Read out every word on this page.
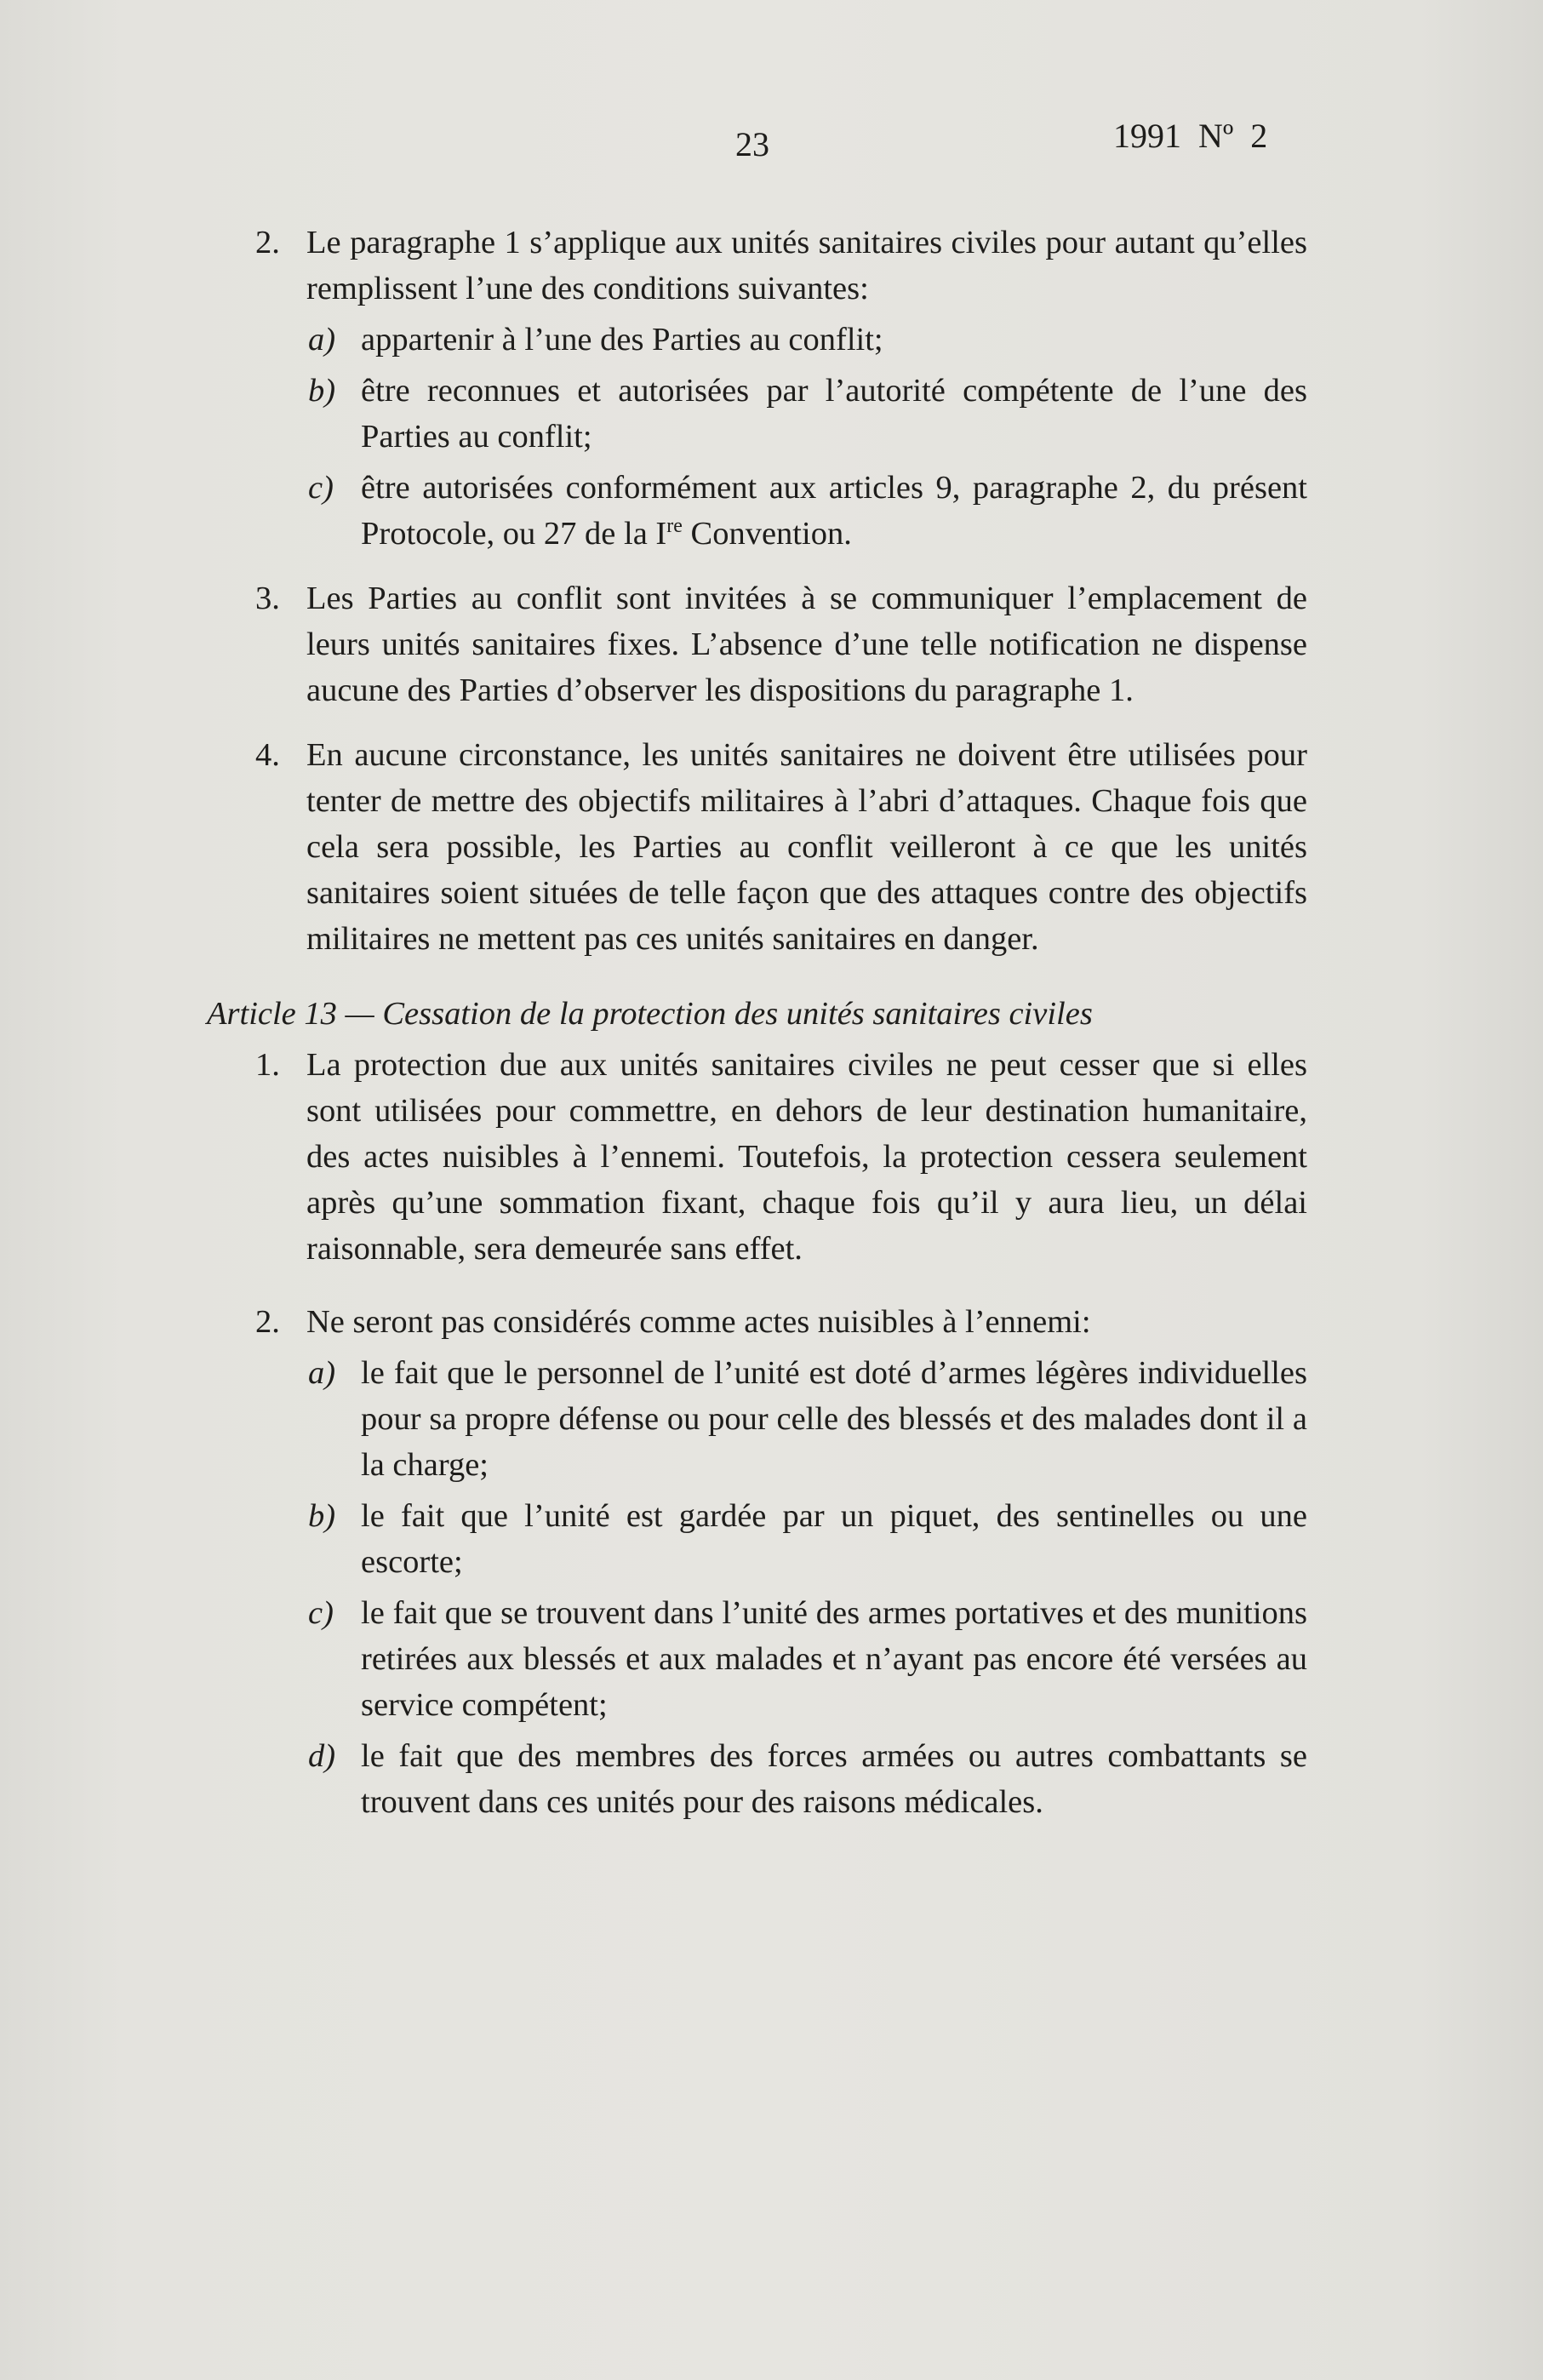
23	1991 Nº 2
2. Le paragraphe 1 s’applique aux unités sanitaires civiles pour autant qu’elles remplissent l’une des conditions suivantes:
a) appartenir à l’une des Parties au conflit;
b) être reconnues et autorisées par l’autorité compétente de l’une des Parties au conflit;
c) être autorisées conformément aux articles 9, paragraphe 2, du présent Protocole, ou 27 de la Ire Convention.
3. Les Parties au conflit sont invitées à se communiquer l’emplacement de leurs unités sanitaires fixes. L’absence d’une telle notification ne dispense aucune des Parties d’observer les dispositions du paragraphe 1.
4. En aucune circonstance, les unités sanitaires ne doivent être utilisées pour tenter de mettre des objectifs militaires à l’abri d’attaques. Chaque fois que cela sera possible, les Parties au conflit veilleront à ce que les unités sanitaires soient situées de telle façon que des attaques contre des objectifs militaires ne mettent pas ces unités sanitaires en danger.
Article 13 — Cessation de la protection des unités sanitaires civiles
1. La protection due aux unités sanitaires civiles ne peut cesser que si elles sont utilisées pour commettre, en dehors de leur destination humanitaire, des actes nuisibles à l’ennemi. Toutefois, la protection cessera seulement après qu’une sommation fixant, chaque fois qu’il y aura lieu, un délai raisonnable, sera demeurée sans effet.
2. Ne seront pas considérés comme actes nuisibles à l’ennemi:
a) le fait que le personnel de l’unité est doté d’armes légères individuelles pour sa propre défense ou pour celle des blessés et des malades dont il a la charge;
b) le fait que l’unité est gardée par un piquet, des sentinelles ou une escorte;
c) le fait que se trouvent dans l’unité des armes portatives et des munitions retirées aux blessés et aux malades et n’ayant pas encore été versées au service compétent;
d) le fait que des membres des forces armées ou autres combattants se trouvent dans ces unités pour des raisons médicales.
